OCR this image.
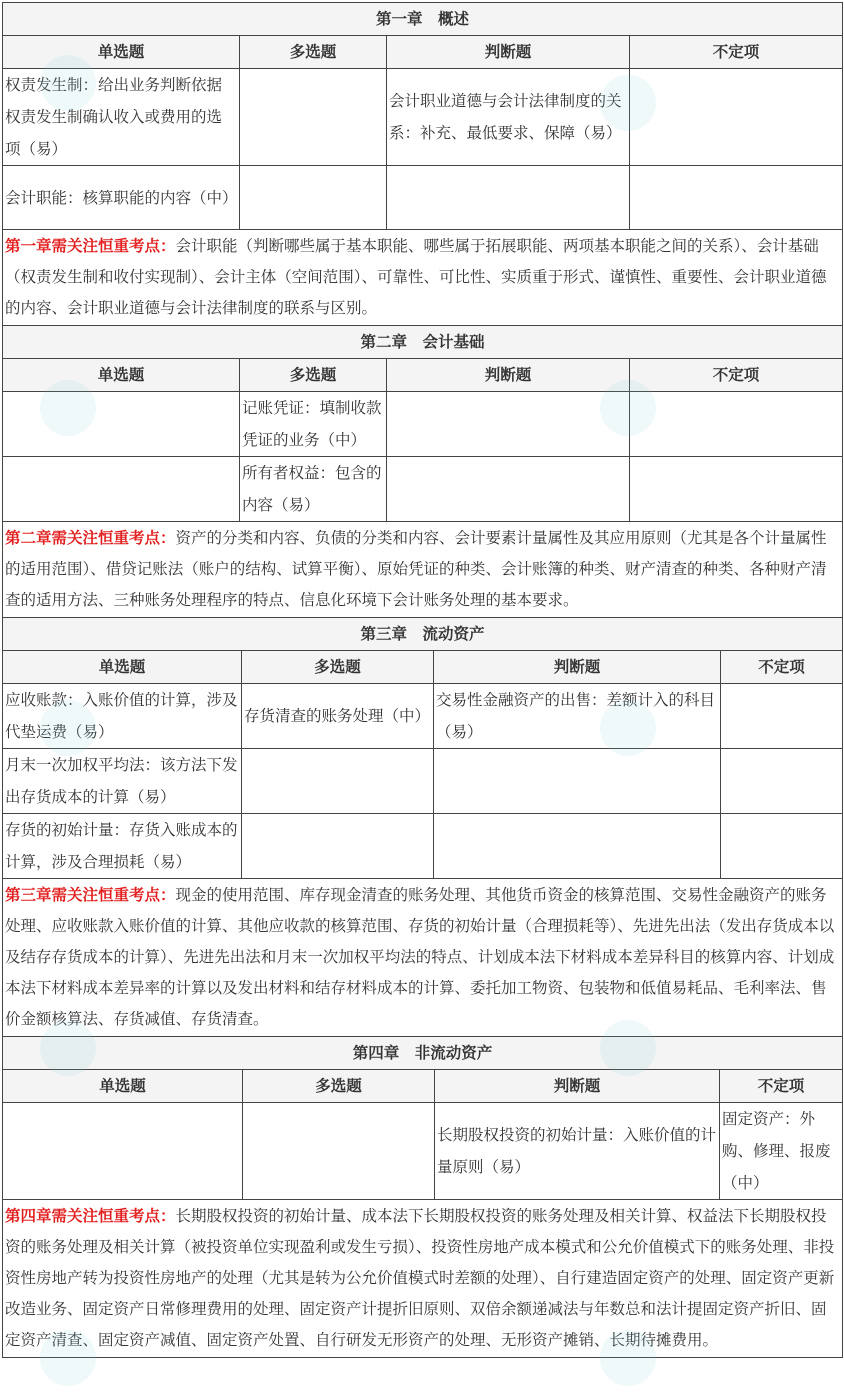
第一章　概述			
单选题	多选题	判断题	不定项
权责发生制：给出业务判断依据权责发生制确认收入或费用的选项（易）		会计职业道德与会计法律制度的关系：补充、最低要求、保障（易）	
会计职能：核算职能的内容（中）			
第一章需关注恒重考点：会计职能（判断哪些属于基本职能、哪些属于拓展职能、两项基本职能之间的关系）、会计基础（权责发生制和收付实现制）、会计主体（空间范围）、可靠性、可比性、实质重于形式、谨慎性、重要性、会计职业道德的内容、会计职业道德与会计法律制度的联系与区别。			
第二章　会计基础			
单选题	多选题	判断题	不定项
	记账凭证：填制收款凭证的业务（中）		
	所有者权益：包含的内容（易）		
第二章需关注恒重考点：资产的分类和内容、负债的分类和内容、会计要素计量属性及其应用原则（尤其是各个计量属性的适用范围）、借贷记账法（账户的结构、试算平衡）、原始凭证的种类、会计账簿的种类、财产清查的种类、各种财产清查的适用方法、三种账务处理程序的特点、信息化环境下会计账务处理的基本要求。			
第三章　流动资产			
单选题	多选题	判断题	不定项
应收账款：入账价值的计算，涉及代垫运费（易）	存货清查的账务处理（中）	交易性金融资产的出售：差额计入的科目（易）	
月末一次加权平均法：该方法下发出存货成本的计算（易）			
存货的初始计量：存货入账成本的计算，涉及合理损耗（易）			
第三章需关注恒重考点：现金的使用范围、库存现金清查的账务处理、其他货币资金的核算范围、交易性金融资产的账务处理、应收账款入账价值的计算、其他应收款的核算范围、存货的初始计量（合理损耗等）、先进先出法（发出存货成本以及结存存货成本的计算）、先进先出法和月末一次加权平均法的特点、计划成本法下材料成本差异科目的核算内容、计划成本法下材料成本差异率的计算以及发出材料和结存材料成本的计算、委托加工物资、包装物和低值易耗品、毛利率法、售价金额核算法、存货减值、存货清查。			
第四章　非流动资产			
单选题	多选题	判断题	不定项
		长期股权投资的初始计量：入账价值的计量原则（易）	固定资产：外购、修理、报废（中）
第四章需关注恒重考点：长期股权投资的初始计量、成本法下长期股权投资的账务处理及相关计算、权益法下长期股权投资的账务处理及相关计算（被投资单位实现盈利或发生亏损）、投资性房地产成本模式和公允价值模式下的账务处理、非投资性房地产转为投资性房地产的处理（尤其是转为公允价值模式时差额的处理）、自行建造固定资产的处理、固定资产更新改造业务、固定资产日常修理费用的处理、固定资产计提折旧原则、双倍余额递减法与年数总和法计提固定资产折旧、固定资产清查、固定资产减值、固定资产处置、自行研发无形资产的处理、无形资产摊销、长期待摊费用。			
